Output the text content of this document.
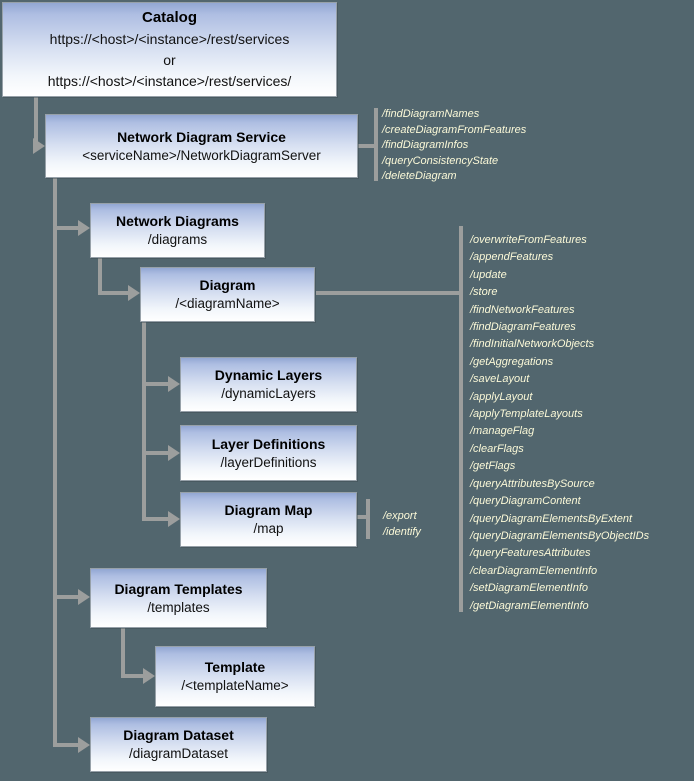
Catalog
https://<host>/<instance>/rest/services
or
https://<host>/<instance>/rest/services/
Network Diagram Service
<serviceName>/NetworkDiagramServer
Network Diagrams
/diagrams
Diagram
/<diagramName>
Dynamic Layers
/dynamicLayers
Layer Definitions
/layerDefinitions
Diagram Map
/map
Diagram Templates
/templates
Template
/<templateName>
Diagram Dataset
/diagramDataset
/findDiagramNames
/createDiagramFromFeatures
/findDiagramInfos
/queryConsistencyState
/deleteDiagram
/overwriteFromFeatures
/appendFeatures
/update
/store
/findNetworkFeatures
/findDiagramFeatures
/findInitialNetworkObjects
/getAggregations
/saveLayout
/applyLayout
/applyTemplateLayouts
/manageFlag
/clearFlags
/getFlags
/queryAttributesBySource
/queryDiagramContent
/queryDiagramElementsByExtent
/queryDiagramElementsByObjectIDs
/queryFeaturesAttributes
/clearDiagramElementInfo
/setDiagramElementInfo
/getDiagramElementInfo
/export
/identify
